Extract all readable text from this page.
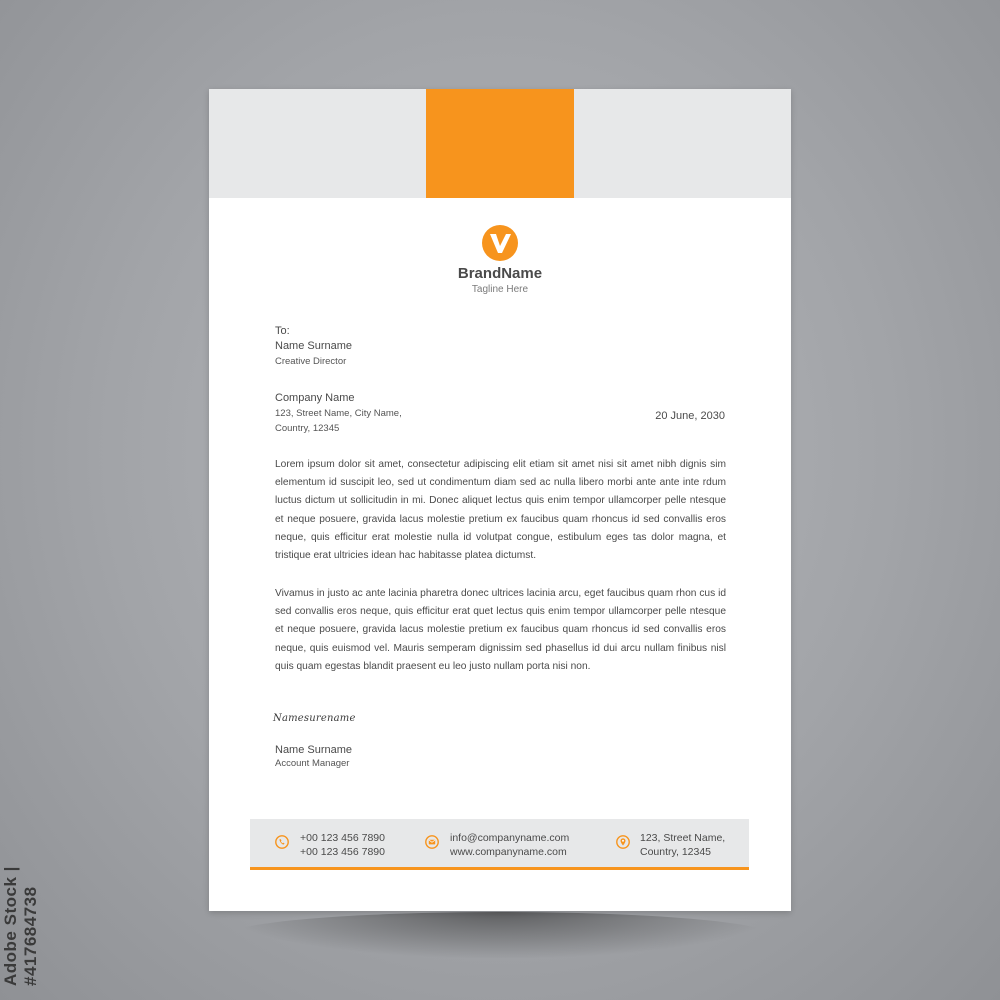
Adobe Stock | #417684738
BrandName
Tagline Here
To:
Name Surname
Creative Director
Company Name
123, Street Name, City Name,
Country, 12345
20 June, 2030

Lorem ipsum dolor sit amet, consectetur adipiscing elit etiam sit amet nisi sit amet nibh dignis sim elementum id suscipit leo, sed ut condimentum diam sed ac nulla libero morbi ante ante inte rdum luctus dictum ut sollicitudin in mi. Donec aliquet lectus quis enim tempor ullamcorper pelle ntesque et neque posuere, gravida lacus molestie pretium ex faucibus quam rhoncus id sed convallis eros neque, quis efficitur erat molestie nulla id volutpat congue, estibulum eges tas dolor magna, et tristique erat ultricies idean hac habitasse platea dictumst.

Vivamus in justo ac ante lacinia pharetra donec ultrices lacinia arcu, eget faucibus quam rhon cus id sed convallis eros neque, quis efficitur erat quet lectus quis enim tempor ullamcorper pelle ntesque et neque posuere, gravida lacus molestie pretium ex faucibus quam rhoncus id sed convallis eros neque, quis euismod vel. Mauris semperam dignissim sed phasellus id dui arcu nullam finibus nisl quis quam egestas blandit praesent eu leo justo nullam porta nisi non.

Namesurename
Name Surname
Account Manager
+00 123 456 7890
+00 123 456 7890
info@companyname.com
www.companyname.com
123, Street Name,
Country, 12345
